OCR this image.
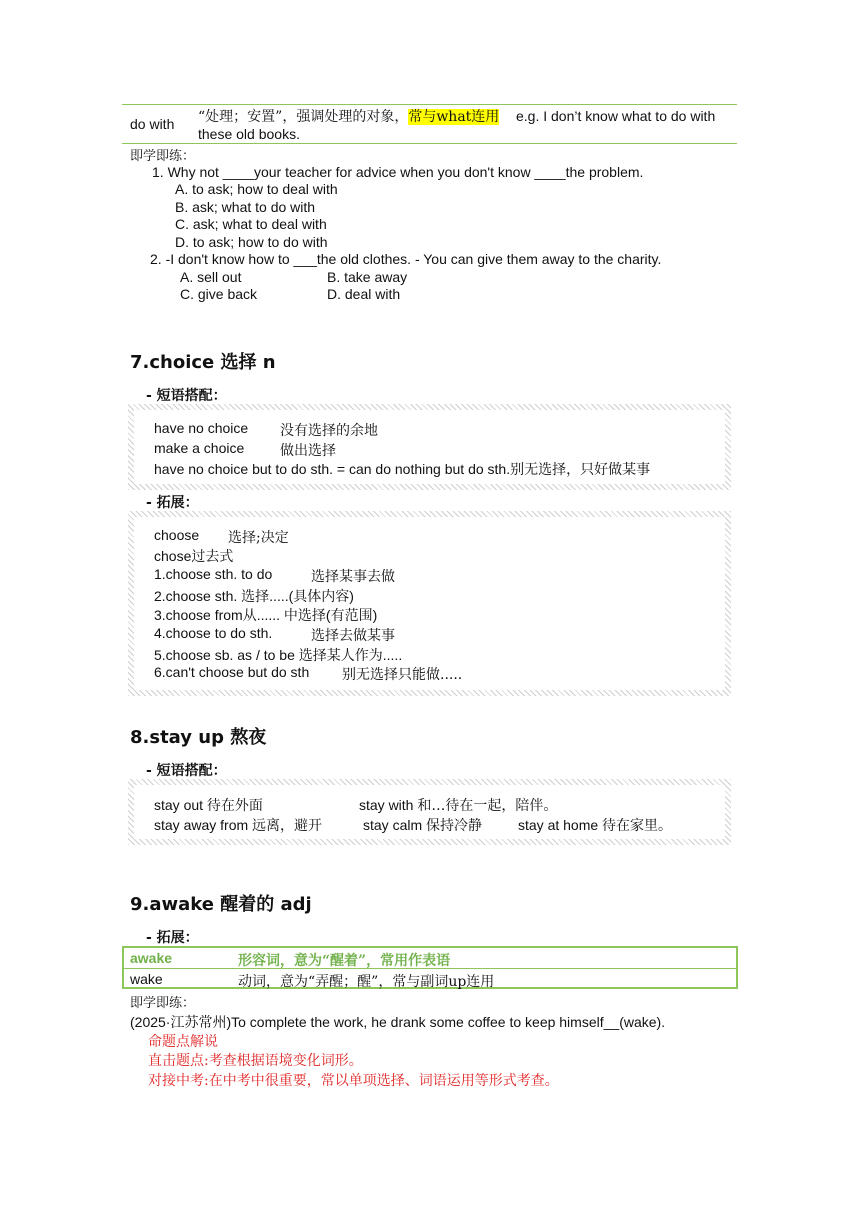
do with “处理；安置”，强调处理的对象，常与what连用 e.g. I don’t know what to do with
these old books.
即学即练：
1. Why not ____your teacher for advice when you don't know ____the problem.
A. to ask; how to deal with
B. ask; what to do with
C. ask; what to deal with
D. to ask; how to do with
2. -I don't know how to ___the old clothes. - You can give them away to the charity.
A. sell out	B. take away
C. give back	D. deal with
7.choice 选择 n
- 短语搭配：
have no choice 没有选择的余地
make a choice	做出选择
have no choice but to do sth. = can do nothing but do sth.别无选择，只好做某事
- 拓展：
choose 选择;决定
chose过去式
1.choose sth. to do	选择某事去做
2.choose sth. 选择.....(具体内容)
3.choose from从...... 中选择(有范围)
4.choose to do sth.	选择去做某事
5.choose sb. as / to be 选择某人作为.....
6.can't choose but do sth 别无选择只能做.....
8.stay up 熬夜
- 短语搭配：
stay out 待在外面	stay with 和…待在一起，陪伴。
stay away from 远离，避开	stay calm 保持冷静	stay at home 待在家里。
9.awake 醒着的 adj
- 拓展：
awake	形容词，意为“醒着”，常用作表语
wake	动词，意为“弄醒；醒”，常与副词up连用
即学即练：
(2025·江苏常州)To complete the work, he drank some coffee to keep himself__(wake).
命题点解说
直击题点:考查根据语境变化词形。
对接中考:在中考中很重要，常以单项选择、词语运用等形式考查。
